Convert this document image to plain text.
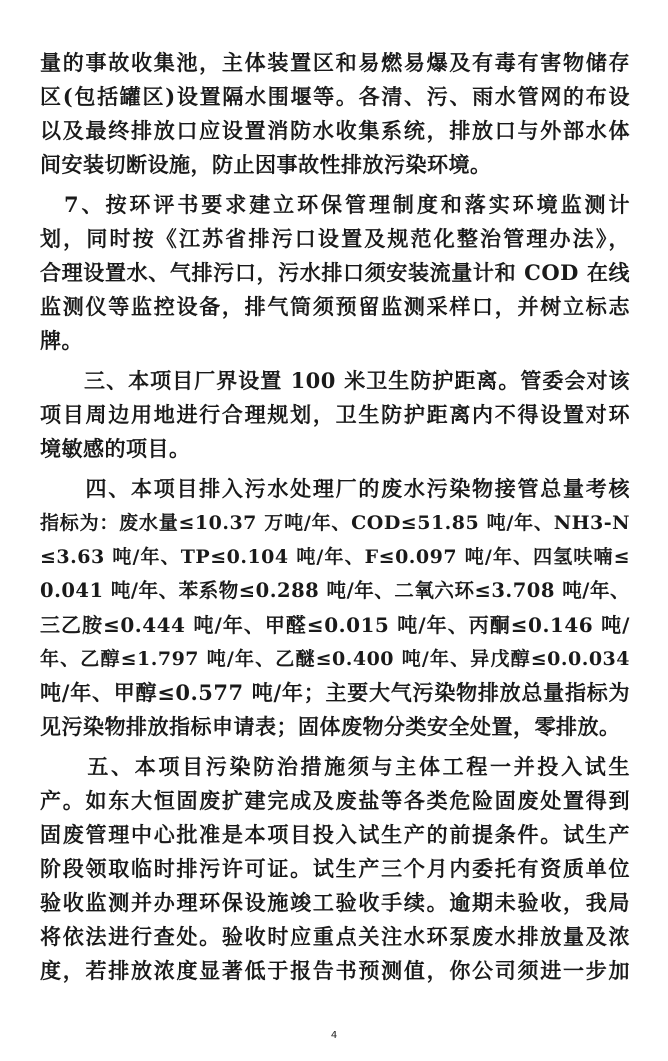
量的事故收集池，主体装置区和易燃易爆及有毒有害物储存
区(包括罐区)设置隔水围堰等。各清、污、雨水管网的布设
以及最终排放口应设置消防水收集系统，排放口与外部水体
间安装切断设施，防止因事故性排放污染环境。
　7、按环评书要求建立环保管理制度和落实环境监测计
划，同时按《江苏省排污口设置及规范化整治管理办法》，
合理设置水、气排污口，污水排口须安装流量计和 COD 在线
监测仪等监控设备，排气筒须预留监测采样口，并树立标志
牌。
　　三、本项目厂界设置 100 米卫生防护距离。管委会对该
项目周边用地进行合理规划，卫生防护距离内不得设置对环
境敏感的项目。
　　四、本项目排入污水处理厂的废水污染物接管总量考核
指标为：废水量≤10.37 万吨/年、COD≤51.85 吨/年、NH3-N
≤3.63 吨/年、TP≤0.104 吨/年、F≤0.097 吨/年、四氢呋喃≤
0.041 吨/年、苯系物≤0.288 吨/年、二氧六环≤3.708 吨/年、
三乙胺≤0.444 吨/年、甲醛≤0.015 吨/年、丙酮≤0.146 吨/
年、乙醇≤1.797 吨/年、乙醚≤0.400 吨/年、异戊醇≤0.0.034
吨/年、甲醇≤0.577 吨/年；主要大气污染物排放总量指标为
见污染物排放指标申请表；固体废物分类安全处置，零排放。
　　五、本项目污染防治措施须与主体工程一并投入试生
产。如东大恒固废扩建完成及废盐等各类危险固废处置得到
固废管理中心批准是本项目投入试生产的前提条件。试生产
阶段领取临时排污许可证。试生产三个月内委托有资质单位
验收监测并办理环保设施竣工验收手续。逾期未验收，我局
将依法进行查处。验收时应重点关注水环泵废水排放量及浓
度，若排放浓度显著低于报告书预测值，你公司须进一步加
4
